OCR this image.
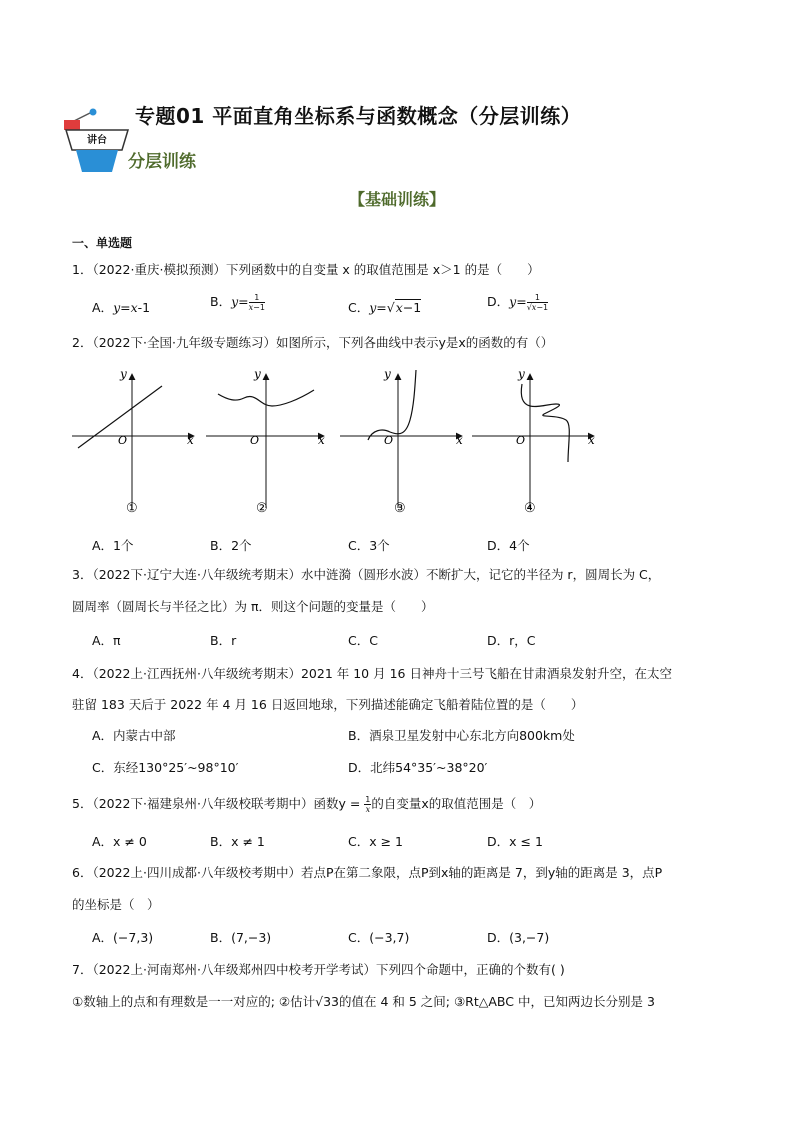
讲台
专题01 平面直角坐标系与函数概念（分层训练）
分层训练
【基础训练】
一、单选题
1．（2022·重庆·模拟预测）下列函数中的自变量 x 的取值范围是 x＞1 的是（　　）
A．y=x-1	B．$y= \frac{1}{x-1}$	C．y=√x−1	D．$y= \frac{1}{√x-1}$
2．（2022下·全国·九年级专题练习）如图所示，下列各曲线中表示y是x的函数的有（）
y
x
O
y
x
O
y
x
O
y
x
O
①	②	③	④
A．1个	B．2个	C．3个	D．4个
3．（2022下·辽宁大连·八年级统考期末）水中涟漪（圆形水波）不断扩大，记它的半径为 r，圆周长为 C，
圆周率（圆周长与半径之比）为 π．则这个问题的变量是（　　）
A．π	B．r	C．C	D．r，C
4．（2022上·江西抚州·八年级统考期末）2021 年 10 月 16 日神舟十三号飞船在甘肃酒泉发射升空，在太空
驻留 183 天后于 2022 年 4 月 16 日返回地球，下列描述能确定飞船着陆位置的是（　　）
A．内蒙古中部	B．酒泉卫星发射中心东北方向800km处
C．东经130°25′~98°10′	D．北纬54°35′~38°20′
5．（2022下·福建泉州·八年级校联考期中）函数$y = \frac{1}{x}$ 的自变量x的取值范围是（　）
A．x ≠ 0	B．x ≠ 1	C．x ≥ 1	D．x ≤ 1
6．（2022上·四川成都·八年级校考期中）若点P在第二象限，点P到x轴的距离是 7，到y轴的距离是 3，点P
的坐标是（　）
A．(−7,3)	B．(7,−3)	C．(−3,7)	D．(3,−7)
7．（2022上·河南郑州·八年级郑州四中校考开学考试）下列四个命题中，正确的个数有( )
①数轴上的点和有理数是一一对应的; ②估计√33的值在 4 和 5 之间; ③Rt△ABC 中，已知两边长分别是 3
